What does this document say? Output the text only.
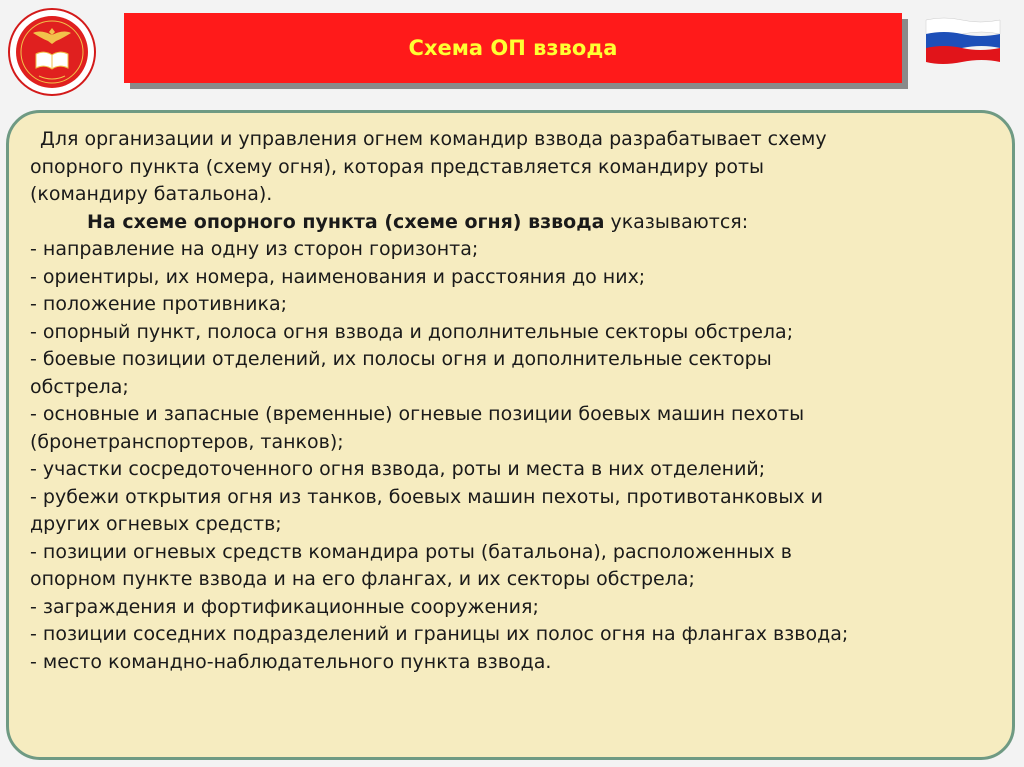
Схема ОП взвода
Для организации и управления огнем командир взвода разрабатывает схему
опорного пункта (схему огня), которая представляется командиру роты
(командиру батальона).
На схеме опорного пункта (схеме огня) взвода указываются:
- направление на одну из сторон горизонта;
- ориентиры, их номера, наименования и расстояния до них;
- положение противника;
- опорный пункт, полоса огня взвода и дополнительные секторы обстрела;
- боевые позиции отделений, их полосы огня и дополнительные секторы
обстрела;
- основные и запасные (временные) огневые позиции боевых машин пехоты
(бронетранспортеров, танков);
- участки сосредоточенного огня взвода, роты и места в них отделений;
- рубежи открытия огня из танков, боевых машин пехоты, противотанковых и
других огневых средств;
- позиции огневых средств командира роты (батальона), расположенных в
опорном пункте взвода и на его флангах, и их секторы обстрела;
- заграждения и фортификационные сооружения;
- позиции соседних подразделений и границы их полос огня на флангах взвода;
- место командно-наблюдательного пункта взвода.
